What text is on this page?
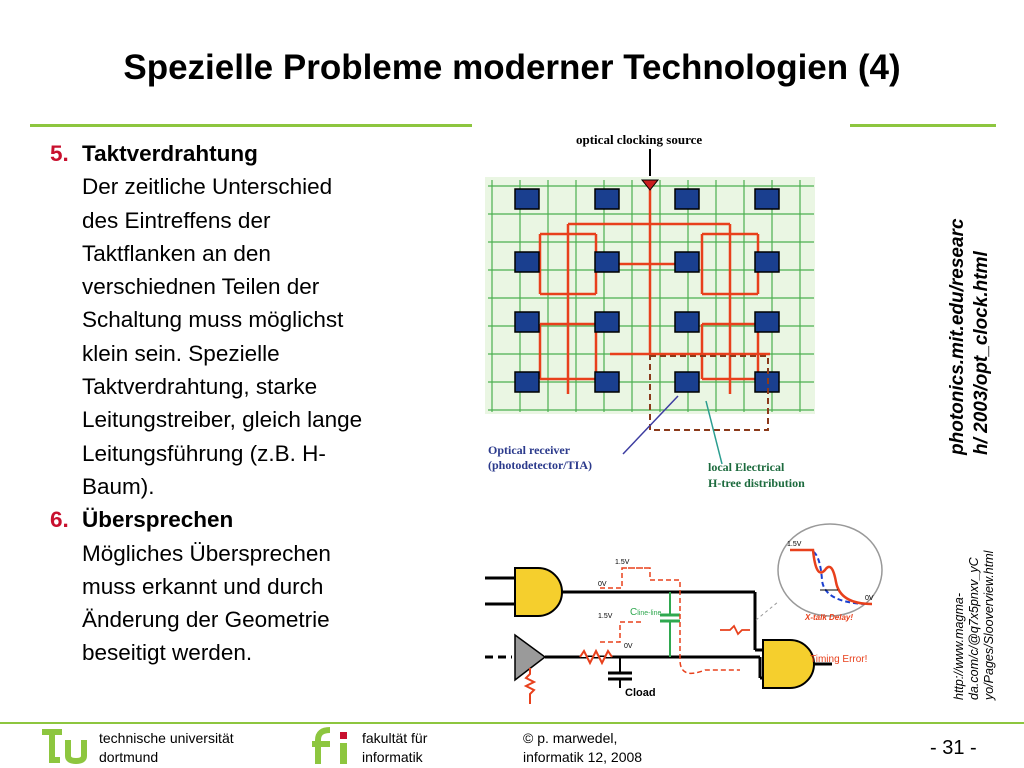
Spezielle Probleme moderner Technologien (4)
5. Taktverdrahtung
Der zeitliche Unterschied
des Eintreffens der
Taktflanken an den
verschiednen Teilen der
Schaltung muss möglichst
klein sein. Spezielle
Taktverdrahtung, starke
Leitungstreiber, gleich lange
Leitungsführung (z.B. H-
Baum).
6. Übersprechen
Mögliches Übersprechen
muss erkannt und durch
Änderung der Geometrie
beseitigt werden.
optical clocking source
Optical receiver
(photodetector/TIA)	local Electrical
H-tree distribution
Cline-line
Cload
1.5V
0V
1.5V
0V
Timing Error!
1.5V
0V
X-talk Delay!
photonics.mit.edu/researc h/ 2003/opt_clock.html
http://www.magma- da.com/c/@q7x5pnxv_yC yo/Pages/Slooverview.html
technische universität
dortmund
fakultät für
informatik
© p. marwedel,
informatik 12, 2008	- 31 -
